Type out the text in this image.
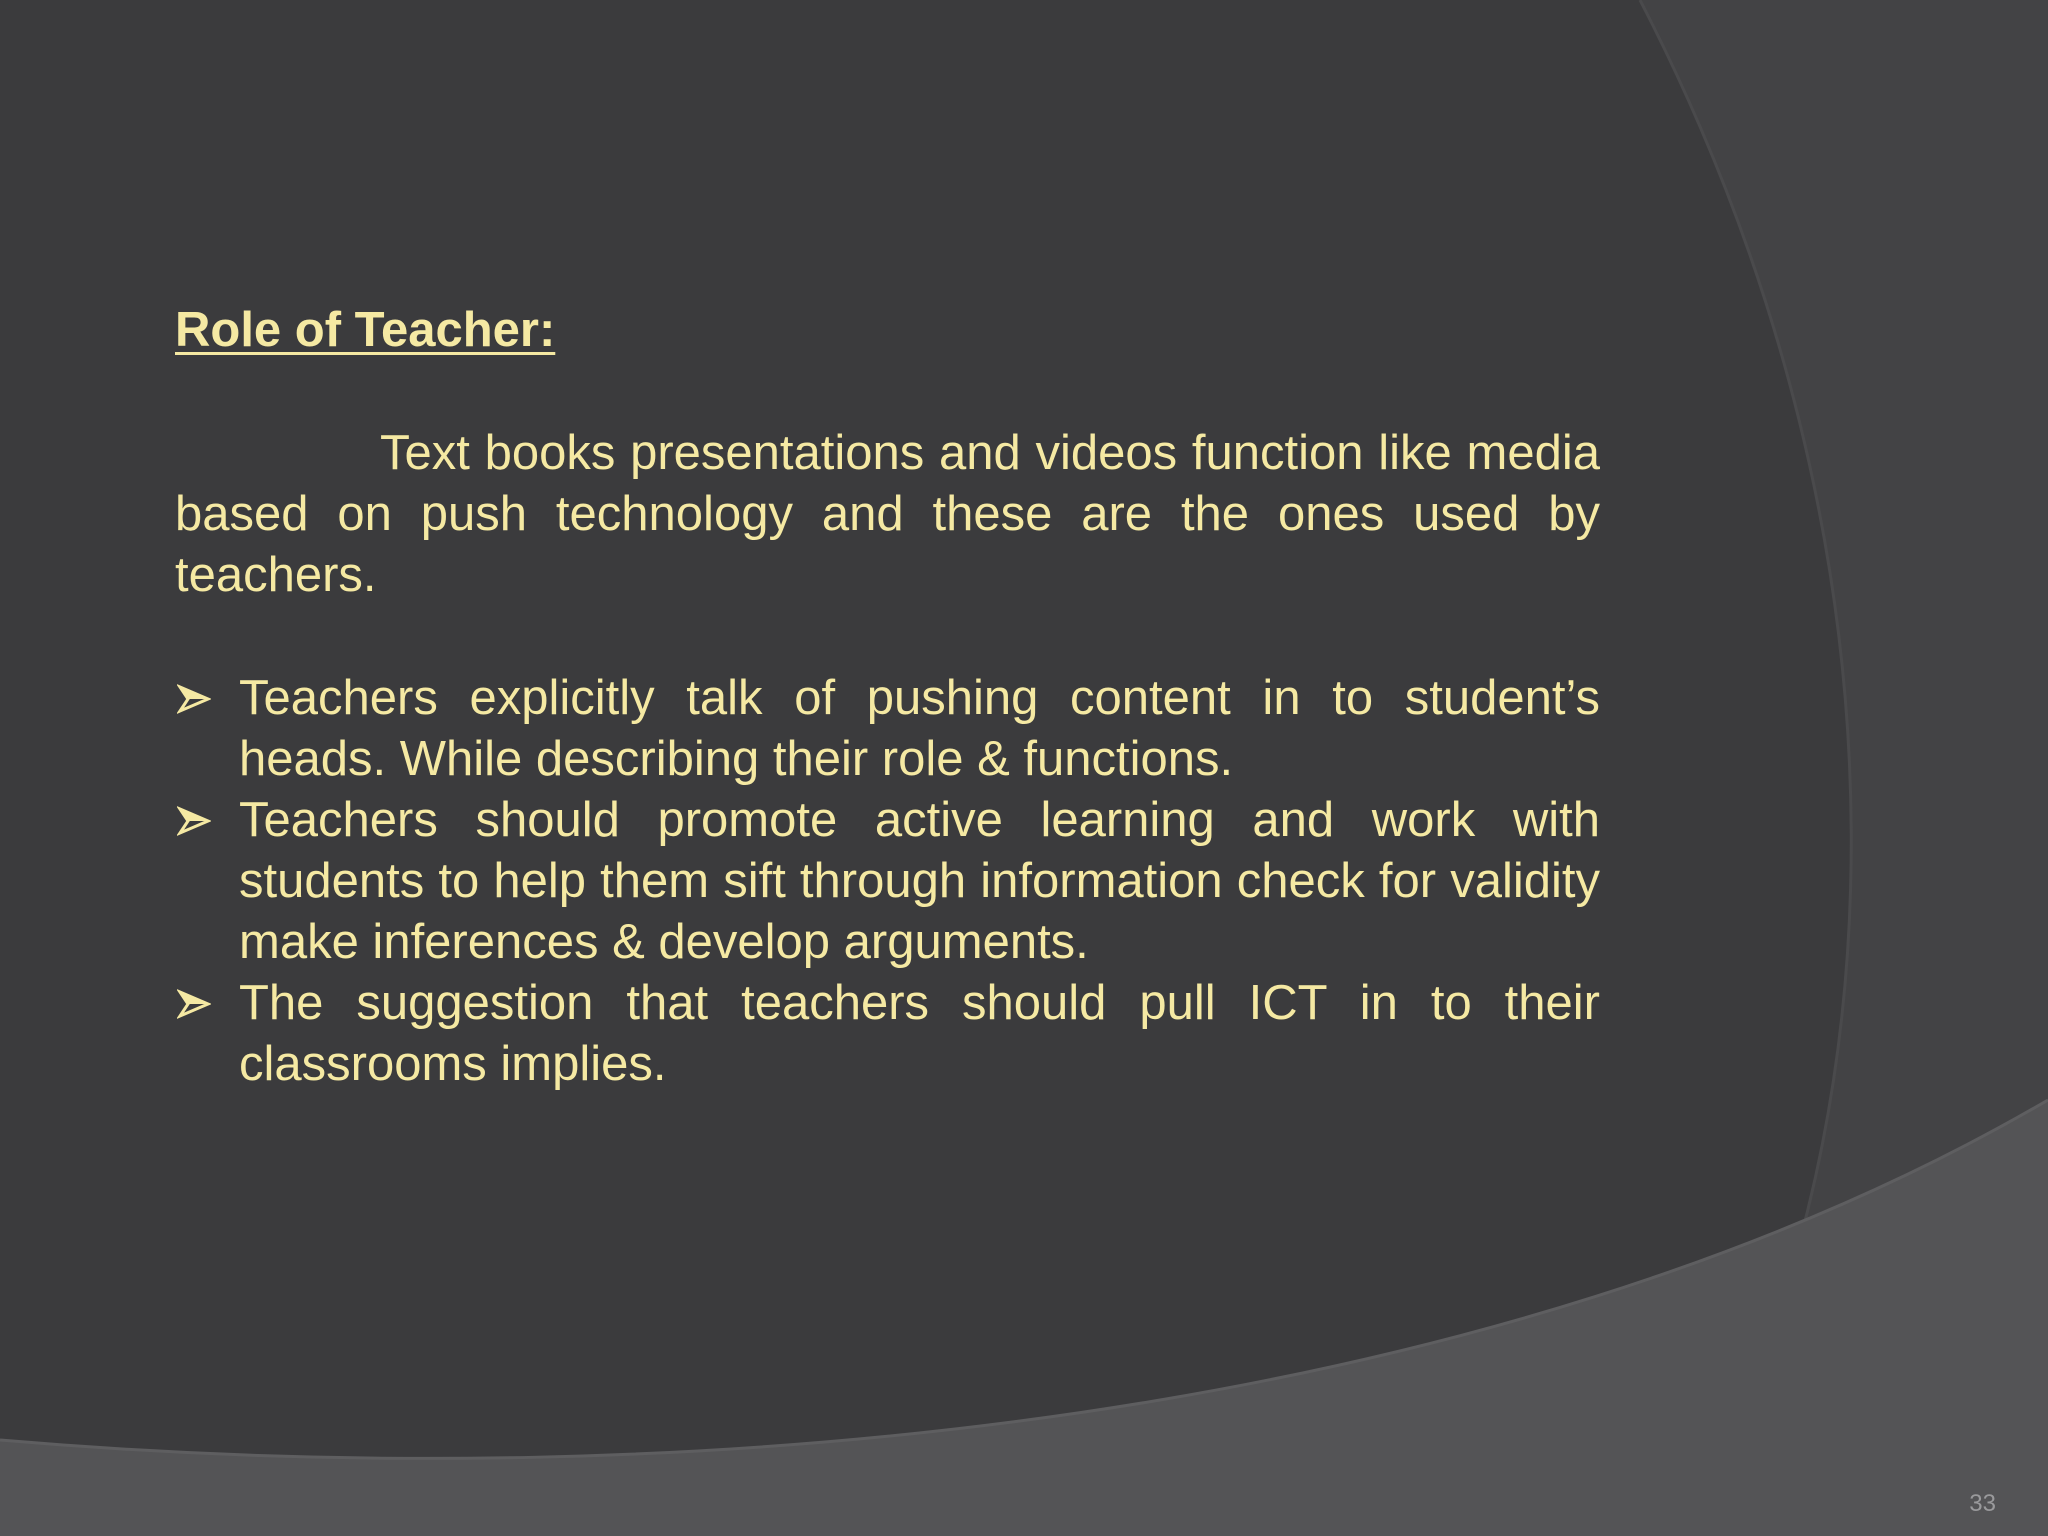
Role of Teacher:

Text books presentations and videos function like media based on push technology and these are the ones used by teachers.

Teachers explicitly talk of pushing content in to student’s heads. While describing their role & functions.
Teachers should promote active learning and work with students to help them sift through information check for validity make inferences & develop arguments.
The suggestion that teachers should pull ICT in to their classrooms implies.
33
